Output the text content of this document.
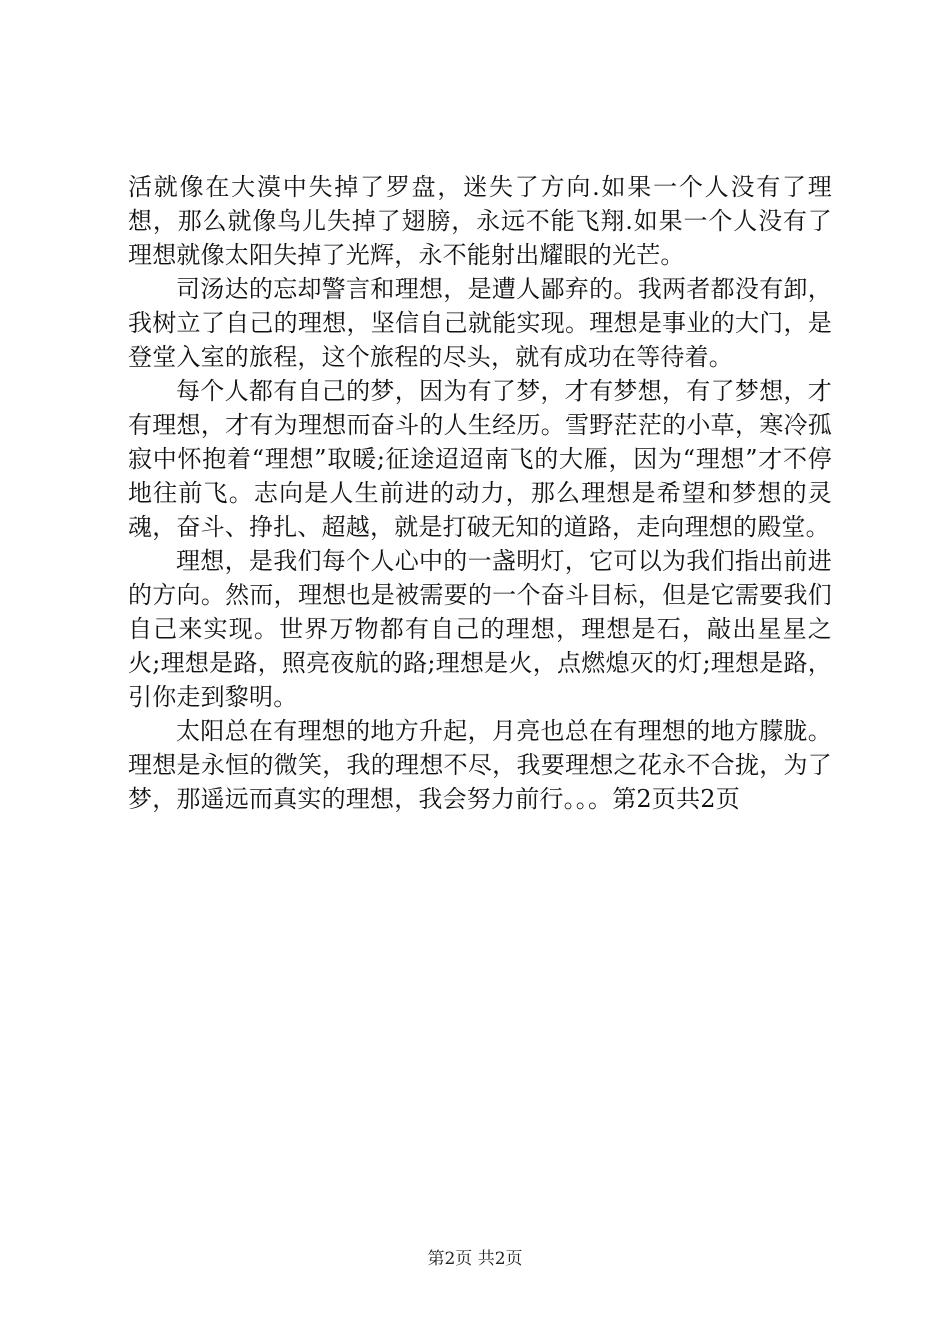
活就像在大漠中失掉了罗盘，迷失了方向.如果一个人没有了理想，那么就像鸟儿失掉了翅膀，永远不能飞翔.如果一个人没有了理想就像太阳失掉了光辉，永不能射出耀眼的光芒。

司汤达的忘却警言和理想，是遭人鄙弃的。我两者都没有卸，我树立了自己的理想，坚信自己就能实现。理想是事业的大门，是登堂入室的旅程，这个旅程的尽头，就有成功在等待着。

每个人都有自己的梦，因为有了梦，才有梦想，有了梦想，才有理想，才有为理想而奋斗的人生经历。雪野茫茫的小草，寒冷孤寂中怀抱着“理想”取暖;征途迢迢南飞的大雁，因为“理想”才不停地往前飞。志向是人生前进的动力，那么理想是希望和梦想的灵魂，奋斗、挣扎、超越，就是打破无知的道路，走向理想的殿堂。

理想，是我们每个人心中的一盏明灯，它可以为我们指出前进的方向。然而，理想也是被需要的一个奋斗目标，但是它需要我们自己来实现。世界万物都有自己的理想，理想是石，敲出星星之火;理想是路，照亮夜航的路;理想是火，点燃熄灭的灯;理想是路，引你走到黎明。

太阳总在有理想的地方升起，月亮也总在有理想的地方朦胧。理想是永恒的微笑，我的理想不尽，我要理想之花永不合拢，为了梦，那遥远而真实的理想，我会努力前行。。。第2页共2页

第2页 共2页
